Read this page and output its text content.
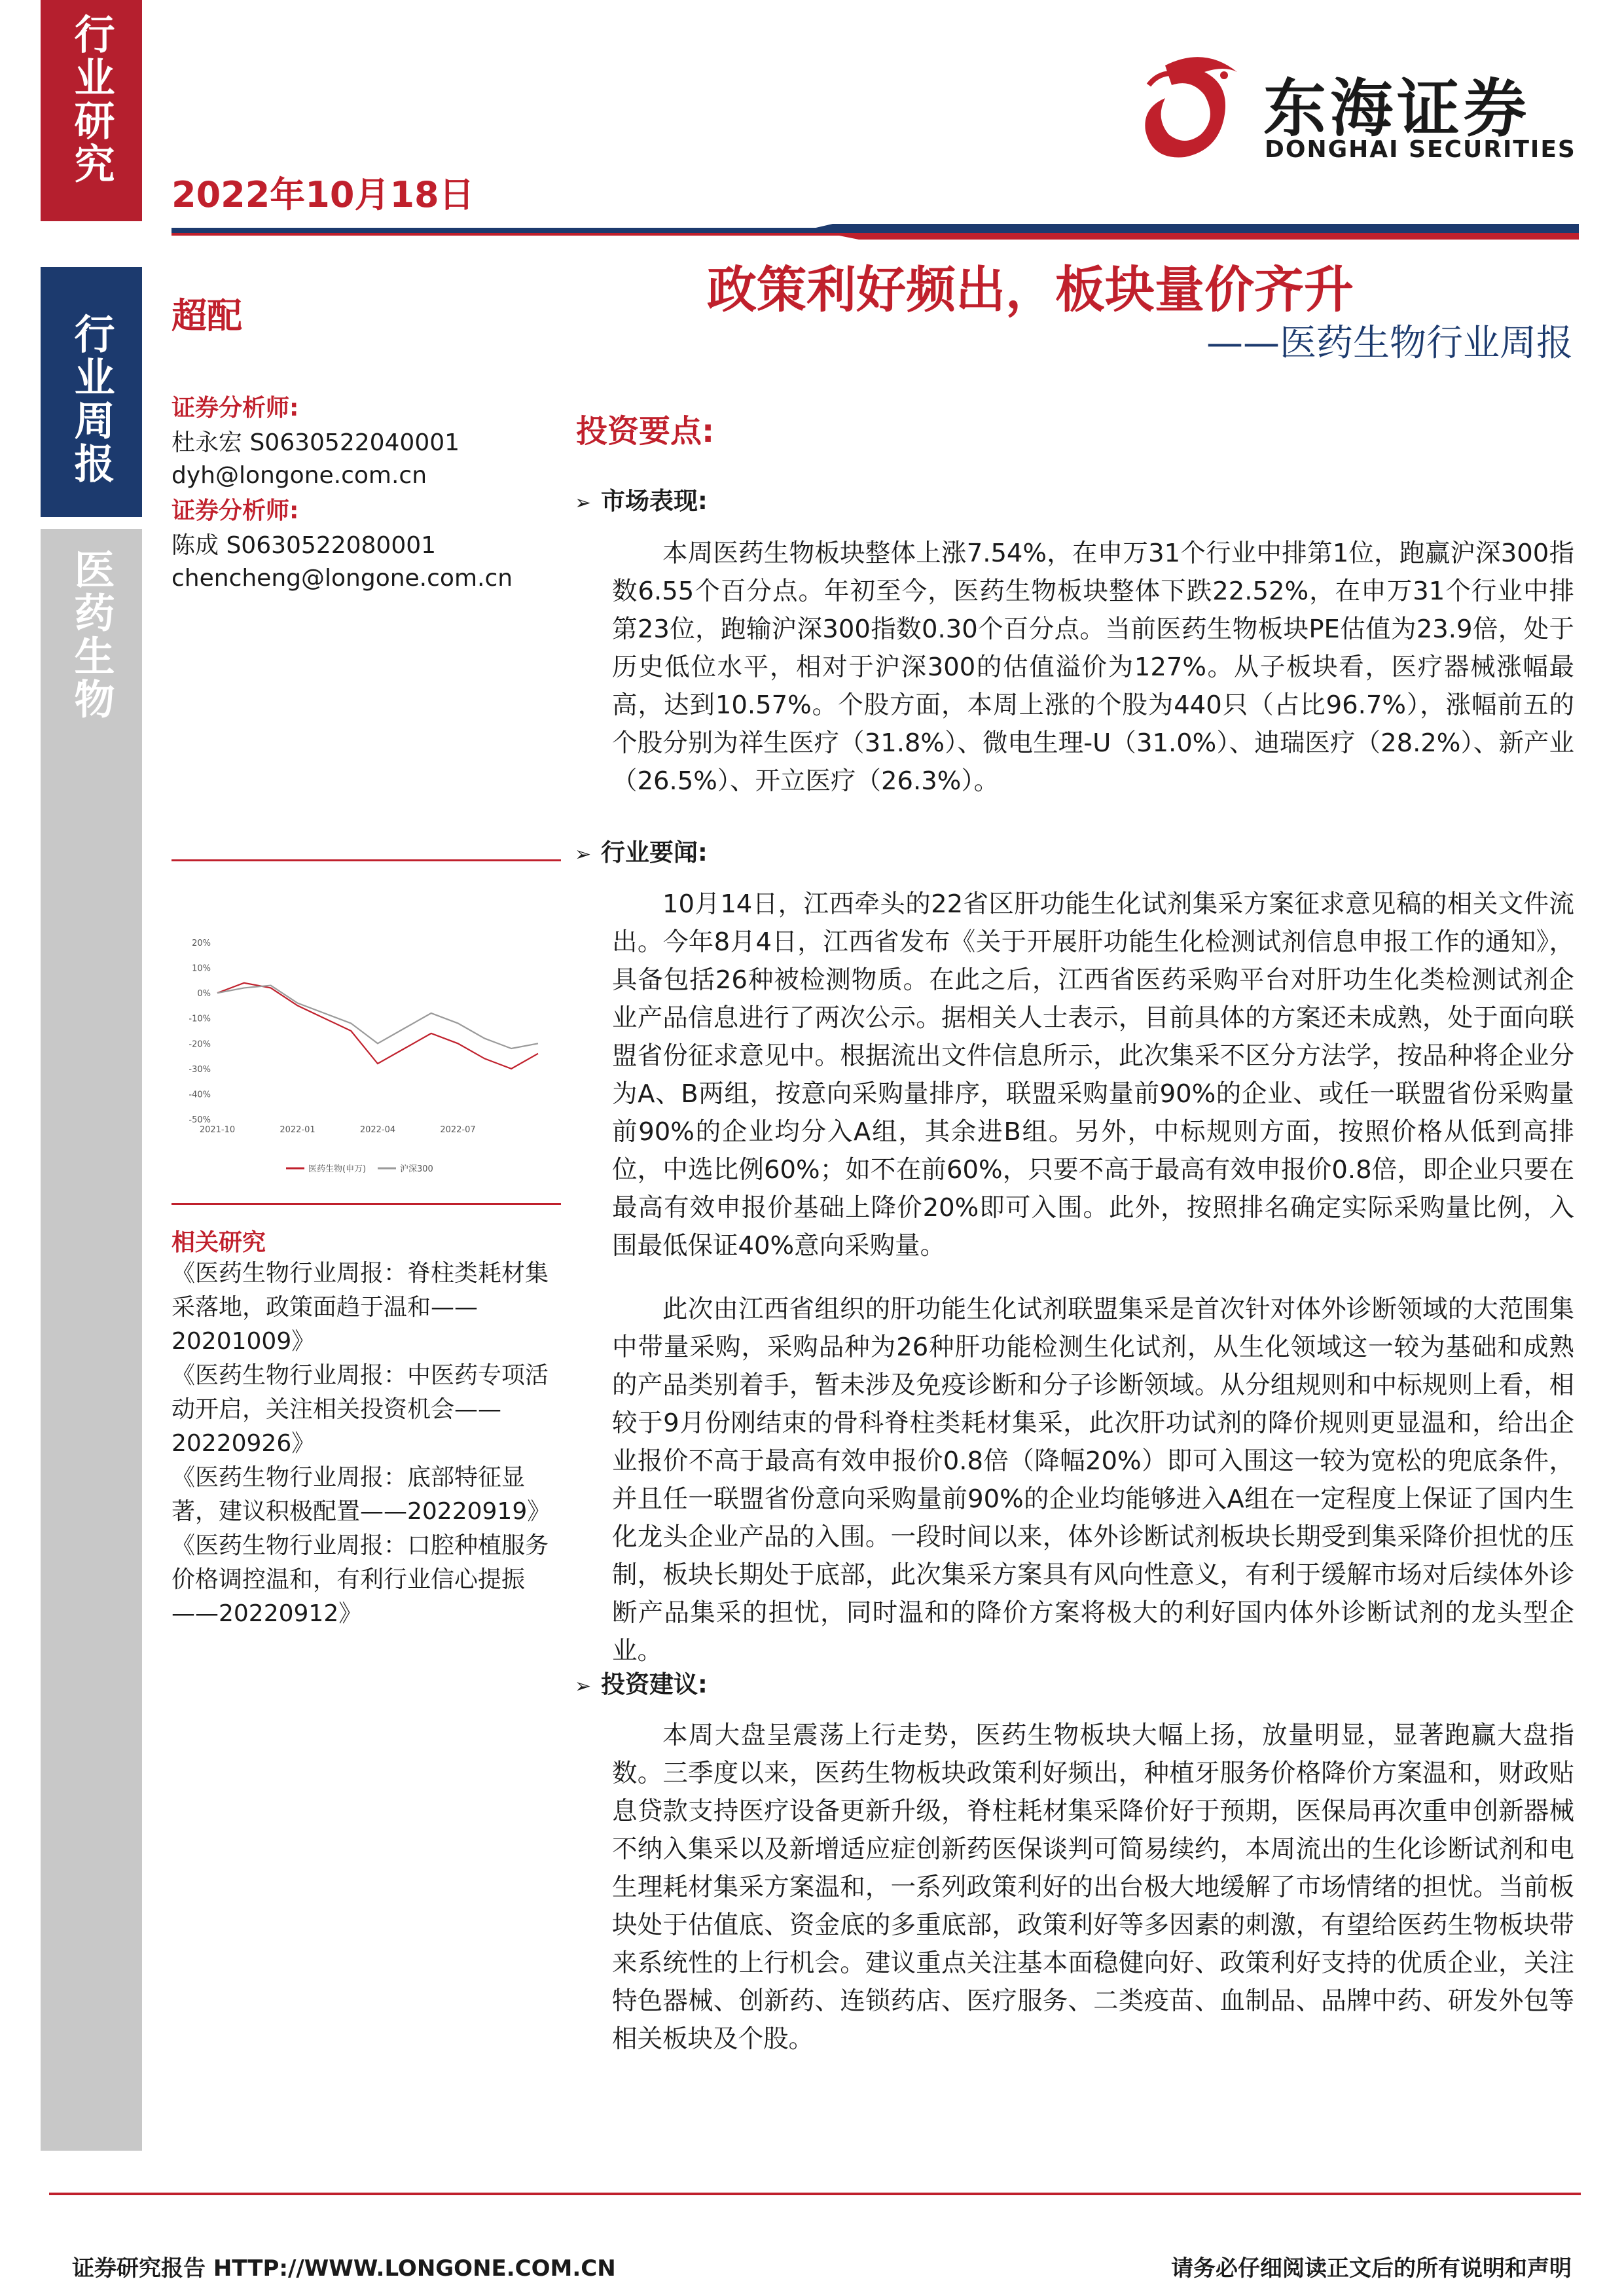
行业研究
行业周报
医药生物
2022年10月18日
东海证券
DONGHAI SECURITIES
政策利好频出，板块量价齐升
——医药生物行业周报
超配
证券分析师:
杜永宏 S0630522040001
dyh@longone.com.cn
证券分析师:
陈成 S0630522080001
chencheng@longone.com.cn
20%
10%
0%
-10%
-20%
-30%
-40%
-50%
2021-10	2022-01	2022-04	2022-07
医药生物(申万)	沪深300
相关研究
《医药生物行业周报：脊柱类耗材集采落地，政策面趋于温和——20201009》
《医药生物行业周报：中医药专项活动开启，关注相关投资机会——20220926》
《医药生物行业周报：底部特征显著，建议积极配置——20220919》
《医药生物行业周报：口腔种植服务价格调控温和，有利行业信心提振——20220912》
投资要点:
➢ 市场表现:
本周医药生物板块整体上涨7.54%，在申万31个行业中排第1位，跑赢沪深300指数6.55个百分点。年初至今，医药生物板块整体下跌22.52%，在申万31个行业中排第23位，跑输沪深300指数0.30个百分点。当前医药生物板块PE估值为23.9倍，处于历史低位水平，相对于沪深300的估值溢价为127%。从子板块看，医疗器械涨幅最高，达到10.57%。个股方面，本周上涨的个股为440只（占比96.7%），涨幅前五的个股分别为祥生医疗（31.8%）、微电生理-U（31.0%）、迪瑞医疗（28.2%）、新产业（26.5%）、开立医疗（26.3%）。
➢ 行业要闻:
10月14日，江西牵头的22省区肝功能生化试剂集采方案征求意见稿的相关文件流出。今年8月4日，江西省发布《关于开展肝功能生化检测试剂信息申报工作的通知》，具备包括26种被检测物质。在此之后，江西省医药采购平台对肝功生化类检测试剂企业产品信息进行了两次公示。据相关人士表示，目前具体的方案还未成熟，处于面向联盟省份征求意见中。根据流出文件信息所示，此次集采不区分方法学，按品种将企业分为A、B两组，按意向采购量排序，联盟采购量前90%的企业、或任一联盟省份采购量前90%的企业均分入A组，其余进B组。另外，中标规则方面，按照价格从低到高排位，中选比例60%；如不在前60%，只要不高于最高有效申报价0.8倍，即企业只要在最高有效申报价基础上降价20%即可入围。此外，按照排名确定实际采购量比例，入围最低保证40%意向采购量。
此次由江西省组织的肝功能生化试剂联盟集采是首次针对体外诊断领域的大范围集中带量采购，采购品种为26种肝功能检测生化试剂，从生化领域这一较为基础和成熟的产品类别着手，暂未涉及免疫诊断和分子诊断领域。从分组规则和中标规则上看，相较于9月份刚结束的骨科脊柱类耗材集采，此次肝功试剂的降价规则更显温和，给出企业报价不高于最高有效申报价0.8倍（降幅20%）即可入围这一较为宽松的兜底条件，并且任一联盟省份意向采购量前90%的企业均能够进入A组在一定程度上保证了国内生化龙头企业产品的入围。一段时间以来，体外诊断试剂板块长期受到集采降价担忧的压制，板块长期处于底部，此次集采方案具有风向性意义，有利于缓解市场对后续体外诊断产品集采的担忧，同时温和的降价方案将极大的利好国内体外诊断试剂的龙头型企业。
➢ 投资建议:
本周大盘呈震荡上行走势，医药生物板块大幅上扬，放量明显，显著跑赢大盘指数。三季度以来，医药生物板块政策利好频出，种植牙服务价格降价方案温和，财政贴息贷款支持医疗设备更新升级，脊柱耗材集采降价好于预期，医保局再次重申创新器械不纳入集采以及新增适应症创新药医保谈判可简易续约，本周流出的生化诊断试剂和电生理耗材集采方案温和，一系列政策利好的出台极大地缓解了市场情绪的担忧。当前板块处于估值底、资金底的多重底部，政策利好等多因素的刺激，有望给医药生物板块带来系统性的上行机会。建议重点关注基本面稳健向好、政策利好支持的优质企业，关注特色器械、创新药、连锁药店、医疗服务、二类疫苗、血制品、品牌中药、研发外包等相关板块及个股。
证券研究报告 HTTP://WWW.LONGONE.COM.CN	请务必仔细阅读正文后的所有说明和声明
